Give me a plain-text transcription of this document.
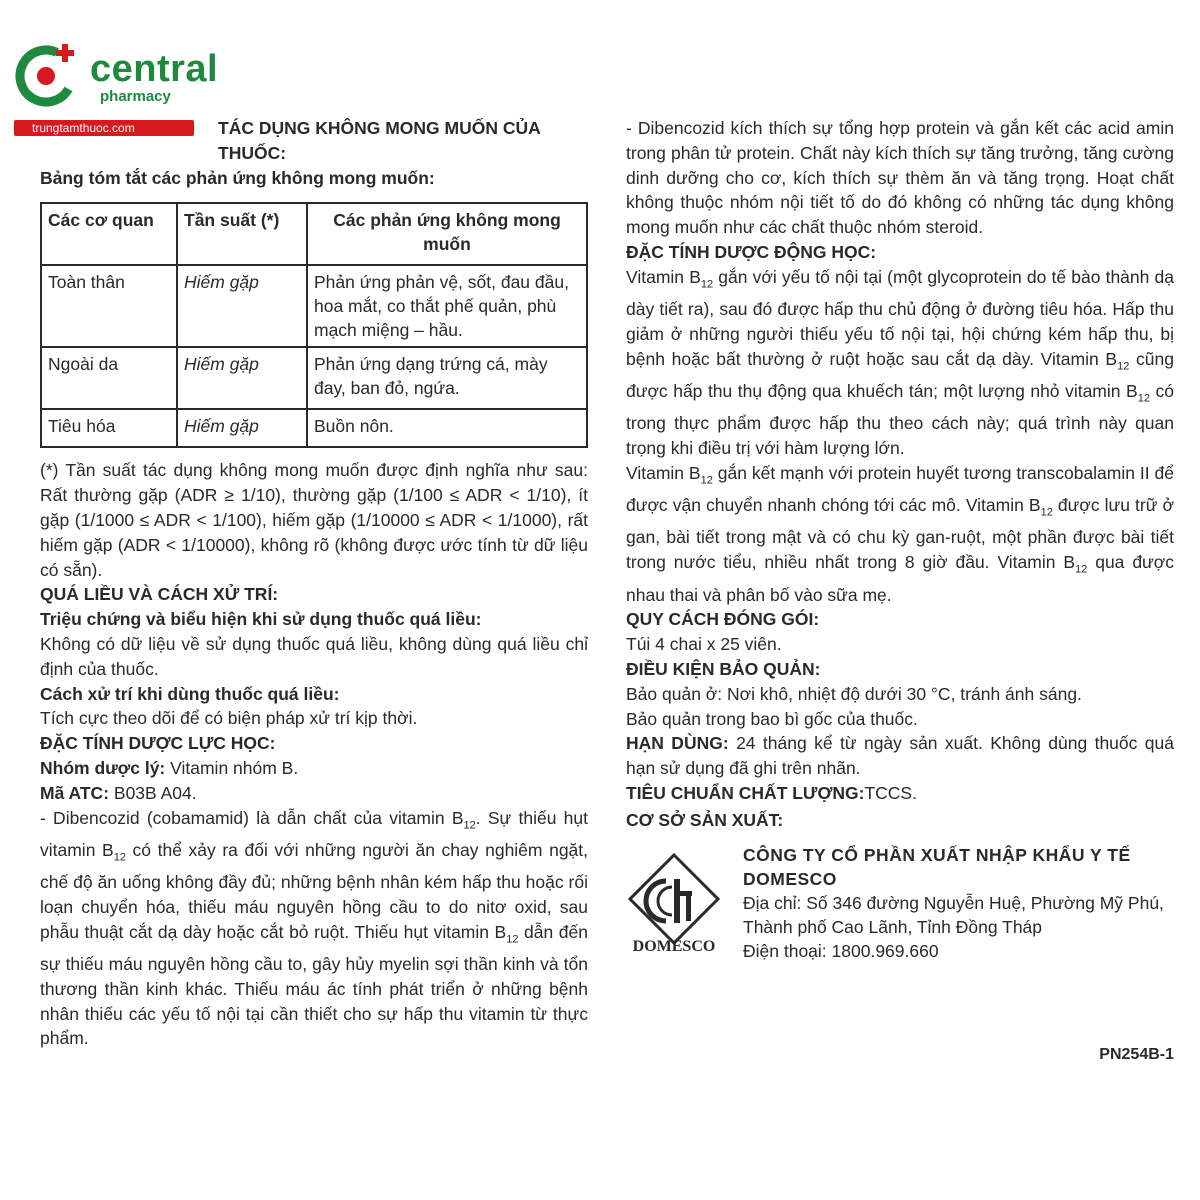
central
pharmacy
trungtamthuoc.com	TÁC DỤNG KHÔNG MONG MUỐN CỦA THUỐC:

Bảng tóm tắt các phản ứng không mong muốn:

Các cơ quan	Tần suất (*)	Các phản ứng không mong muốn
Toàn thân	Hiếm gặp	Phản ứng phản vệ, sốt, đau đầu, hoa mắt, co thắt phế quản, phù mạch miệng – hầu.
Ngoài da	Hiếm gặp	Phản ứng dạng trứng cá, mày đay, ban đỏ, ngứa.
Tiêu hóa	Hiếm gặp	Buồn nôn.

(*) Tần suất tác dụng không mong muốn được định nghĩa như sau: Rất thường gặp (ADR ≥ 1/10), thường gặp (1/100 ≤ ADR < 1/10), ít gặp (1/1000 ≤ ADR < 1/100), hiếm gặp (1/10000 ≤ ADR < 1/1000), rất hiếm gặp (ADR < 1/10000), không rõ (không được ước tính từ dữ liệu có sẵn).

QUÁ LIỀU VÀ CÁCH XỬ TRÍ:

Triệu chứng và biểu hiện khi sử dụng thuốc quá liều:

Không có dữ liệu về sử dụng thuốc quá liều, không dùng quá liều chỉ định của thuốc.

Cách xử trí khi dùng thuốc quá liều:

Tích cực theo dõi để có biện pháp xử trí kịp thời.

ĐẶC TÍNH DƯỢC LỰC HỌC:

Nhóm dược lý: Vitamin nhóm B.

Mã ATC: B03B A04.

- Dibencozid (cobamamid) là dẫn chất của vitamin $B_{12}$. Sự thiếu hụt vitamin $B_{12}$ có thể xảy ra đối với những người ăn chay nghiêm ngặt, chế độ ăn uống không đầy đủ; những bệnh nhân kém hấp thu hoặc rối loạn chuyển hóa, thiếu máu nguyên hồng cầu to do nitơ oxid, sau phẫu thuật cắt dạ dày hoặc cắt bỏ ruột. Thiếu hụt vitamin $B_{12}$ dẫn đến sự thiếu máu nguyên hồng cầu to, gây hủy myelin sợi thần kinh và tổn thương thần kinh khác. Thiếu máu ác tính phát triển ở những bệnh nhân thiếu các yếu tố nội tại cần thiết cho sự hấp thu vitamin từ thực phẩm.

- Dibencozid kích thích sự tổng hợp protein và gắn kết các acid amin trong phân tử protein. Chất này kích thích sự tăng trưởng, tăng cường dinh dưỡng cho cơ, kích thích sự thèm ăn và tăng trọng. Hoạt chất không thuộc nhóm nội tiết tố do đó không có những tác dụng không mong muốn như các chất thuộc nhóm steroid.

ĐẶC TÍNH DƯỢC ĐỘNG HỌC:

Vitamin $B_{12}$ gắn với yếu tố nội tại (một glycoprotein do tế bào thành dạ dày tiết ra), sau đó được hấp thu chủ động ở đường tiêu hóa. Hấp thu giảm ở những người thiếu yếu tố nội tại, hội chứng kém hấp thu, bị bệnh hoặc bất thường ở ruột hoặc sau cắt dạ dày. Vitamin $B_{12}$ cũng được hấp thu thụ động qua khuếch tán; một lượng nhỏ vitamin $B_{12}$ có trong thực phẩm được hấp thu theo cách này; quá trình này quan trọng khi điều trị với hàm lượng lớn.

Vitamin $B_{12}$ gắn kết mạnh với protein huyết tương transcobalamin II để được vận chuyển nhanh chóng tới các mô. Vitamin $B_{12}$ được lưu trữ ở gan, bài tiết trong mật và có chu kỳ gan-ruột, một phần được bài tiết trong nước tiểu, nhiều nhất trong 8 giờ đầu. Vitamin $B_{12}$ qua được nhau thai và phân bố vào sữa mẹ.

QUY CÁCH ĐÓNG GÓI:

Túi 4 chai x 25 viên.

ĐIỀU KIỆN BẢO QUẢN:

Bảo quản ở: Nơi khô, nhiệt độ dưới 30 °C, tránh ánh sáng.

Bảo quản trong bao bì gốc của thuốc.

HẠN DÙNG: 24 tháng kể từ ngày sản xuất. Không dùng thuốc quá hạn sử dụng đã ghi trên nhãn.

TIÊU CHUẨN CHẤT LƯỢNG:TCCS.

CƠ SỞ SẢN XUẤT:

DOMESCO

CÔNG TY CỔ PHẦN XUẤT NHẬP KHẨU Y TẾ DOMESCO

Địa chỉ: Số 346 đường Nguyễn Huệ, Phường Mỹ Phú, Thành phố Cao Lãnh, Tỉnh Đồng Tháp

Điện thoại: 1800.969.660

PN254B-1
